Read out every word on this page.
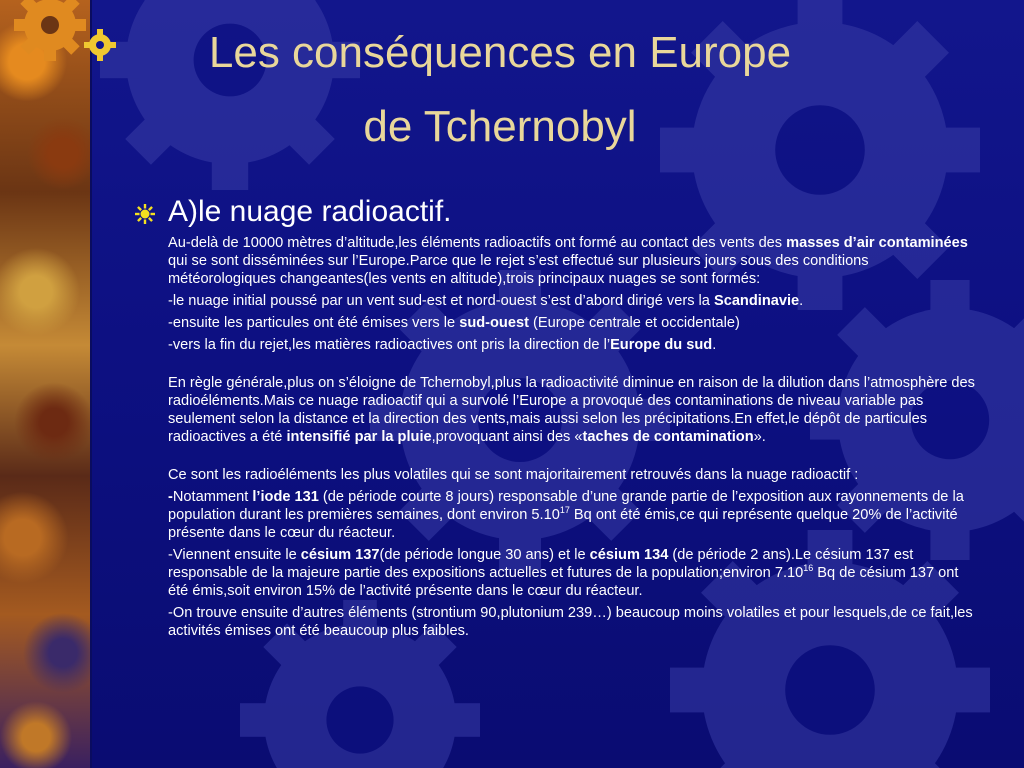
Les conséquences en Europe
de Tchernobyl
A)le nuage radioactif.

Au-delà de 10000 mètres d’altitude,les éléments radioactifs ont formé au contact des vents des masses d’air contaminées qui se sont disséminées sur l’Europe.Parce que le rejet s’est effectué sur plusieurs jours sous des conditions météorologiques changeantes(les vents en altitude),trois principaux nuages se sont formés:

-le nuage initial poussé par un vent sud-est et nord-ouest s’est d’abord dirigé vers la Scandinavie.

-ensuite les particules ont été émises vers le sud-ouest (Europe centrale et occidentale)

-vers la fin du rejet,les matières radioactives ont pris la direction de l’Europe du sud.

En règle générale,plus on s’éloigne de Tchernobyl,plus la radioactivité diminue en raison de la dilution dans l’atmosphère des radioéléments.Mais ce nuage radioactif qui a survolé l’Europe a provoqué des contaminations de niveau variable pas seulement selon la distance et la direction des vents,mais aussi selon les précipitations.En effet,le dépôt de particules radioactives a été intensifié par la pluie,provoquant ainsi des «taches de contamination».

Ce sont les radioéléments les plus volatiles qui se sont majoritairement retrouvés dans la nuage radioactif :

-Notamment l’iode 131 (de période courte 8 jours) responsable d’une grande partie de l’exposition aux rayonnements de la population durant les premières semaines, dont environ 5.10$^{17}$ Bq ont été émis,ce qui représente quelque 20% de l’activité présente dans le cœur du réacteur.

-Viennent ensuite le césium 137(de période longue 30 ans) et le césium 134 (de période 2 ans).Le césium 137 est responsable de la majeure partie des expositions actuelles et futures de la population;environ 7.10$^{16}$ Bq de césium 137 ont été émis,soit environ 15% de l’activité présente dans le cœur du réacteur.

-On trouve ensuite d’autres éléments (strontium 90,plutonium 239…) beaucoup moins volatiles et pour lesquels,de ce fait,les activités émises ont été beaucoup plus faibles.
